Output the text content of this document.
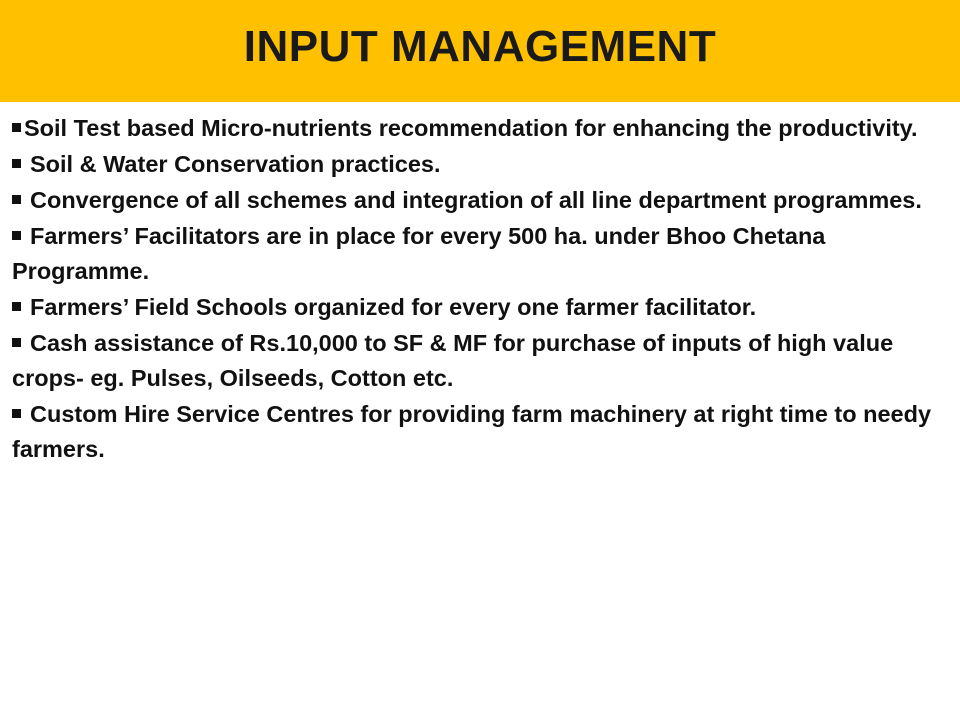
INPUT MANAGEMENT
Soil Test based Micro-nutrients recommendation for enhancing the productivity.
Soil & Water Conservation practices.
Convergence of all schemes and integration of all line department programmes.
Farmers’ Facilitators are in place for every 500 ha. under Bhoo Chetana Programme.
Farmers’ Field Schools organized for every one farmer facilitator.
Cash assistance of Rs.10,000 to SF & MF for purchase of inputs of high value crops- eg. Pulses, Oilseeds, Cotton etc.
Custom Hire Service Centres for providing farm machinery at right time to needy farmers.
